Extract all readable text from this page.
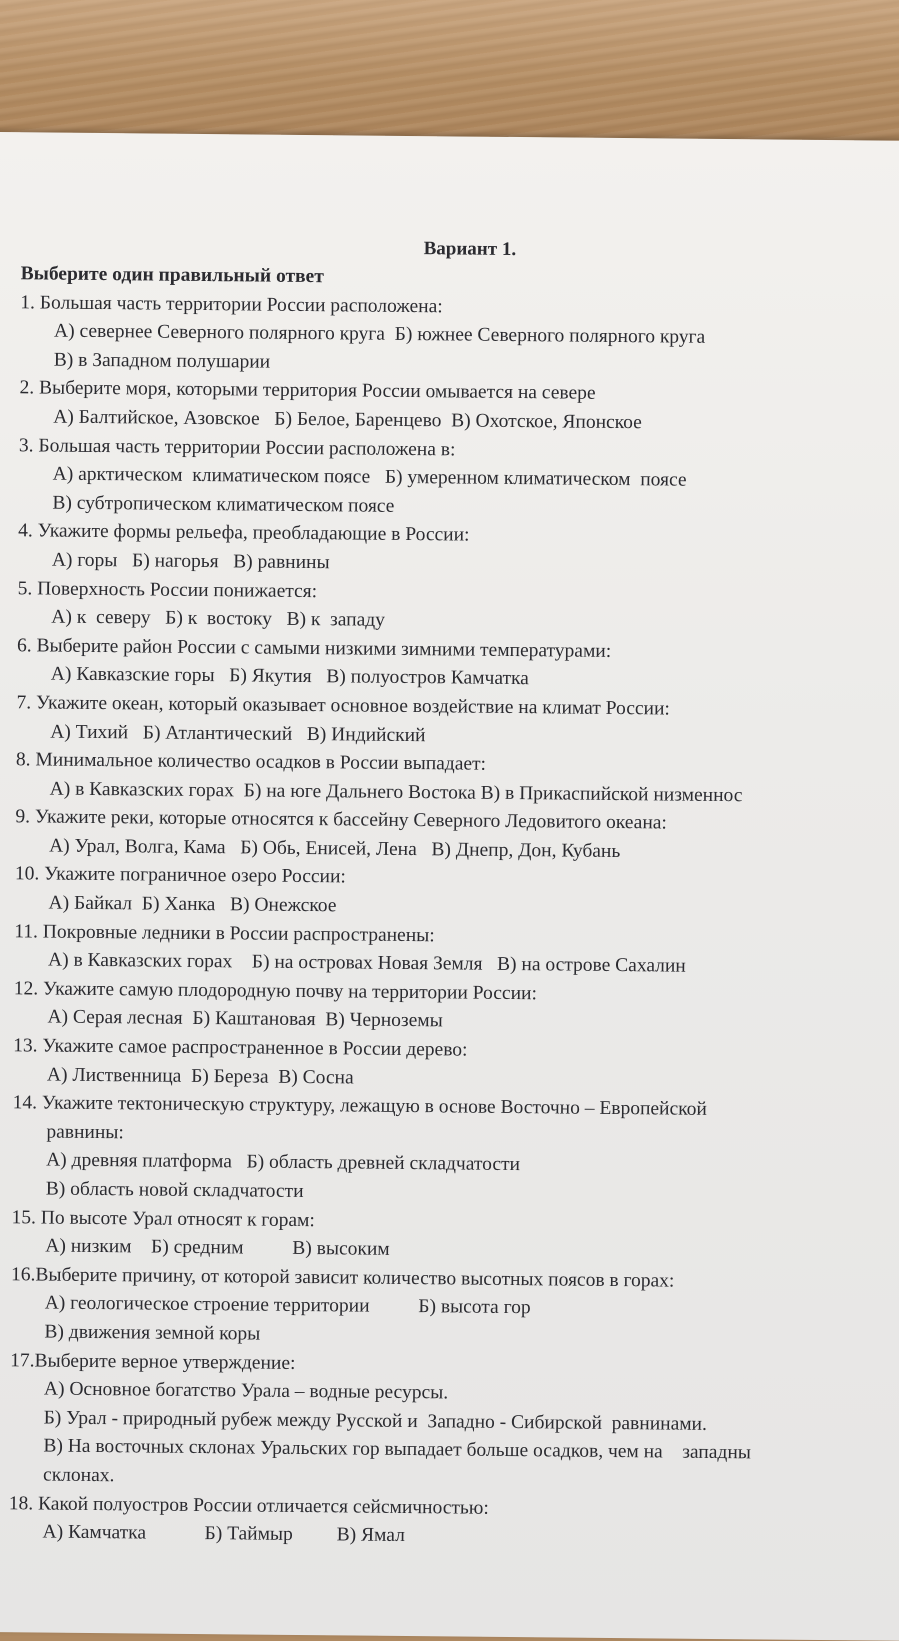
Вариант 1.
Выберите один правильный ответ
1. Большая часть территории России расположена:
А) севернее Северного полярного круга  Б) южнее Северного полярного круга
В) в Западном полушарии
2. Выберите моря, которыми территория России омывается на севере
А) Балтийское, Азовское   Б) Белое, Баренцево  В) Охотское, Японское
3. Большая часть территории России расположена в:
А) арктическом  климатическом поясе   Б) умеренном климатическом  поясе
В) субтропическом климатическом поясе
4. Укажите формы рельефа, преобладающие в России:
А) горы   Б) нагорья   В) равнины
5. Поверхность России понижается:
А) к  северу   Б) к  востоку   В) к  западу
6. Выберите район России с самыми низкими зимними температурами:
А) Кавказские горы   Б) Якутия   В) полуостров Камчатка
7. Укажите океан, который оказывает основное воздействие на климат России:
А) Тихий   Б) Атлантический   В) Индийский
8. Минимальное количество осадков в России выпадает:
А) в Кавказских горах  Б) на юге Дальнего Востока В) в Прикаспийской низменнос
9. Укажите реки, которые относятся к бассейну Северного Ледовитого океана:
А) Урал, Волга, Кама   Б) Обь, Енисей, Лена   В) Днепр, Дон, Кубань
10. Укажите пограничное озеро России:
А) Байкал  Б) Ханка   В) Онежское
11. Покровные ледники в России распространены:
А) в Кавказских горах    Б) на островах Новая Земля   В) на острове Сахалин
12. Укажите самую плодородную почву на территории России:
А) Серая лесная  Б) Каштановая  В) Черноземы
13. Укажите самое распространенное в России дерево:
А) Лиственница  Б) Береза  В) Сосна
14. Укажите тектоническую структуру, лежащую в основе Восточно – Европейской
равнины:
А) древняя платформа   Б) область древней складчатости
В) область новой складчатости
15. По высоте Урал относят к горам:
А) низким    Б) средним          В) высоким
16.Выберите причину, от которой зависит количество высотных поясов в горах:
А) геологическое строение территории          Б) высота гор
В) движения земной коры
17.Выберите верное утверждение:
А) Основное богатство Урала – водные ресурсы.
Б) Урал - природный рубеж между Русской и  Западно - Сибирской  равнинами.
В) На восточных склонах Уральских гор выпадает больше осадков, чем на    западны
склонах.
18. Какой полуостров России отличается сейсмичностью:
А) Камчатка            Б) Таймыр         В) Ямал
